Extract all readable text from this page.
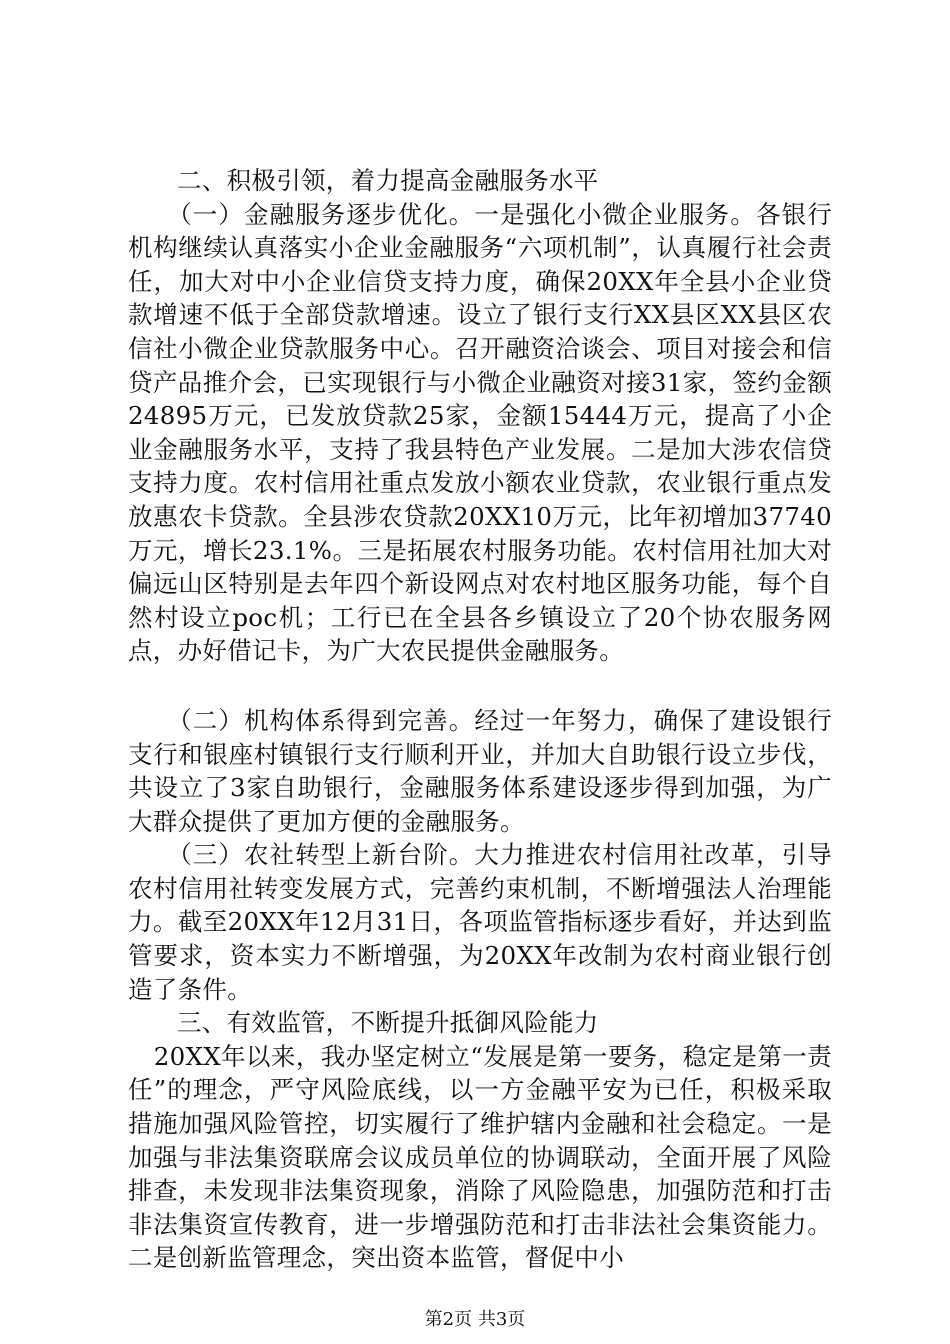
二、积极引领，着力提高金融服务水平

（一）金融服务逐步优化。一是强化小微企业服务。各银行机构继续认真落实小企业金融服务“六项机制”，认真履行社会责任，加大对中小企业信贷支持力度，确保20XX年全县小企业贷款增速不低于全部贷款增速。设立了银行支行XX县区XX县区农信社小微企业贷款服务中心。召开融资洽谈会、项目对接会和信贷产品推介会，已实现银行与小微企业融资对接31家，签约金额24895万元，已发放贷款25家，金额15444万元，提高了小企业金融服务水平，支持了我县特色产业发展。二是加大涉农信贷支持力度。农村信用社重点发放小额农业贷款，农业银行重点发放惠农卡贷款。全县涉农贷款20XX10万元，比年初增加37740万元，增长23.1%。三是拓展农村服务功能。农村信用社加大对偏远山区特别是去年四个新设网点对农村地区服务功能，每个自然村设立poc机；工行已在全县各乡镇设立了20个协农服务网点，办好借记卡，为广大农民提供金融服务。

（二）机构体系得到完善。经过一年努力，确保了建设银行支行和银座村镇银行支行顺利开业，并加大自助银行设立步伐，共设立了3家自助银行，金融服务体系建设逐步得到加强，为广大群众提供了更加方便的金融服务。

（三）农社转型上新台阶。大力推进农村信用社改革，引导农村信用社转变发展方式，完善约束机制，不断增强法人治理能力。截至20XX年12月31日，各项监管指标逐步看好，并达到监管要求，资本实力不断增强，为20XX年改制为农村商业银行创造了条件。

三、有效监管，不断提升抵御风险能力

20XX年以来，我办坚定树立“发展是第一要务，稳定是第一责任”的理念，严守风险底线，以一方金融平安为已任，积极采取措施加强风险管控，切实履行了维护辖内金融和社会稳定。一是加强与非法集资联席会议成员单位的协调联动，全面开展了风险排查，未发现非法集资现象，消除了风险隐患，加强防范和打击非法集资宣传教育，进一步增强防范和打击非法社会集资能力。二是创新监管理念，突出资本监管，督促中小

第2页 共3页
